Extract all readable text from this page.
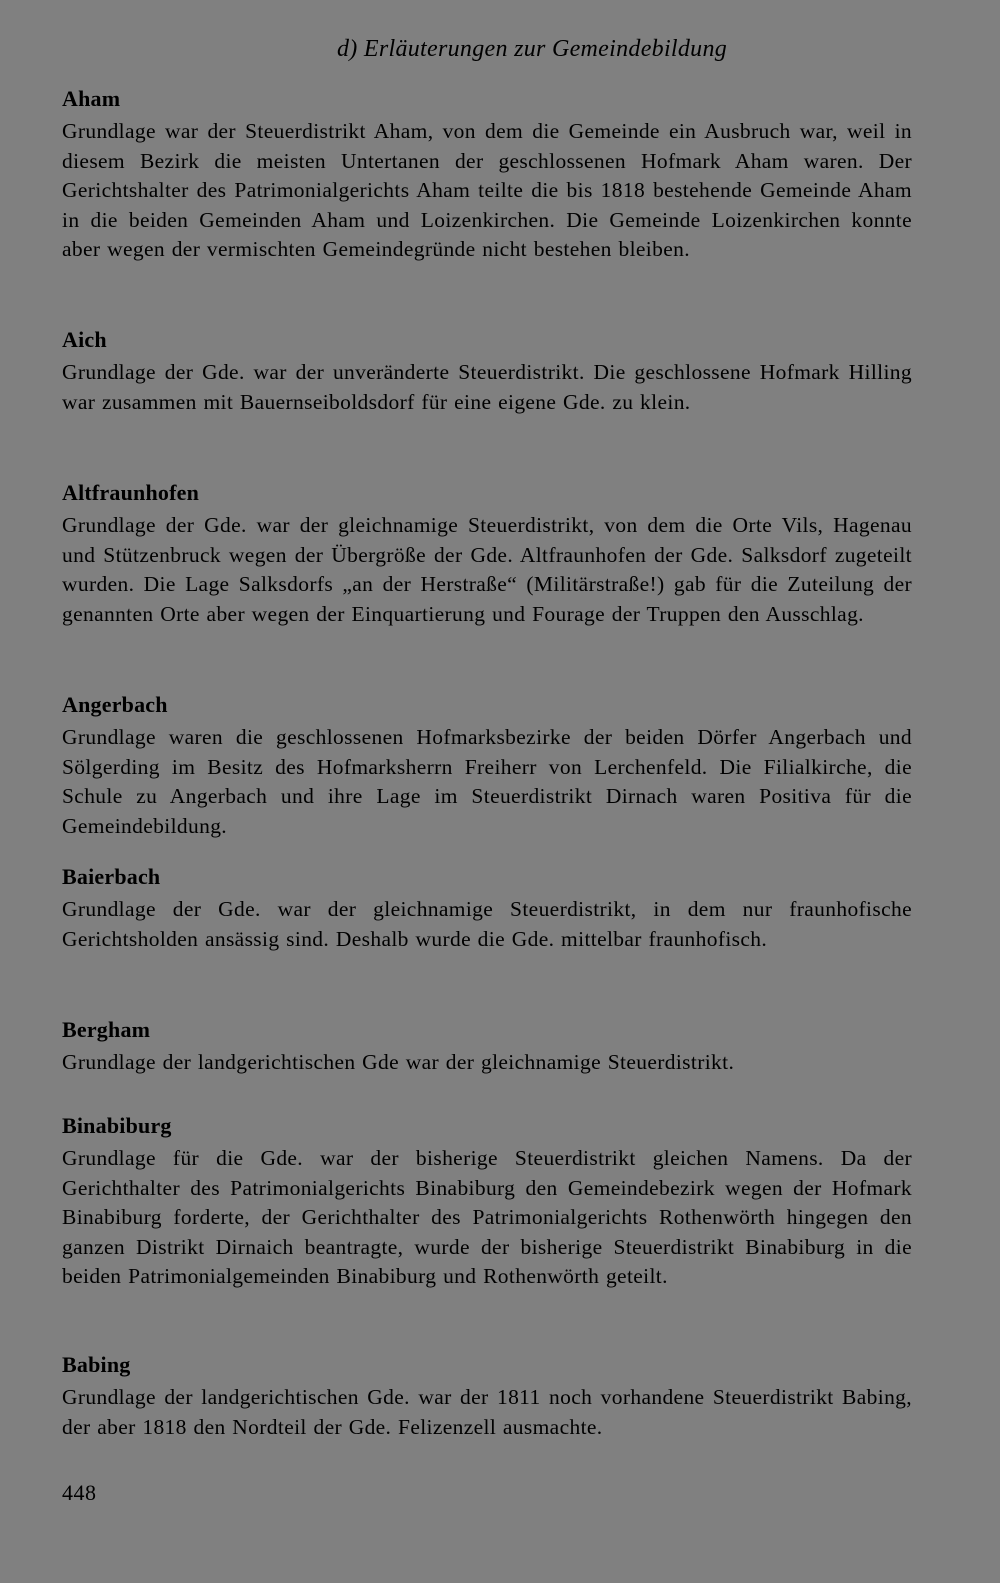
d) Erläuterungen zur Gemeindebildung
Aham

Grundlage war der Steuerdistrikt Aham, von dem die Gemeinde ein Ausbruch war, weil in diesem Bezirk die meisten Untertanen der geschlossenen Hofmark Aham waren. Der Gerichtshalter des Patrimonialgerichts Aham teilte die bis 1818 bestehende Gemeinde Aham in die beiden Gemeinden Aham und Loizenkirchen. Die Gemeinde Loizenkirchen konnte aber wegen der vermischten Gemeindegründe nicht bestehen bleiben.

Aich

Grundlage der Gde. war der unveränderte Steuerdistrikt. Die geschlossene Hofmark Hilling war zusammen mit Bauernseiboldsdorf für eine eigene Gde. zu klein.

Altfraunhofen

Grundlage der Gde. war der gleichnamige Steuerdistrikt, von dem die Orte Vils, Hagenau und Stützenbruck wegen der Übergröße der Gde. Altfraunhofen der Gde. Salksdorf zugeteilt wurden. Die Lage Salksdorfs „an der Herstraße“ (Militärstraße!) gab für die Zuteilung der genannten Orte aber wegen der Einquartierung und Fourage der Truppen den Ausschlag.

Angerbach

Grundlage waren die geschlossenen Hofmarksbezirke der beiden Dörfer Angerbach und Sölgerding im Besitz des Hofmarksherrn Freiherr von Lerchenfeld. Die Filialkirche, die Schule zu Angerbach und ihre Lage im Steuerdistrikt Dirnach waren Positiva für die Gemeindebildung.

Baierbach

Grundlage der Gde. war der gleichnamige Steuerdistrikt, in dem nur fraunhofische Gerichtsholden ansässig sind. Deshalb wurde die Gde. mittelbar fraunhofisch.

Bergham

Grundlage der landgerichtischen Gde war der gleichnamige Steuerdistrikt.

Binabiburg

Grundlage für die Gde. war der bisherige Steuerdistrikt gleichen Namens. Da der Gerichthalter des Patrimonialgerichts Binabiburg den Gemeindebezirk wegen der Hofmark Binabiburg forderte, der Gerichthalter des Patrimonialgerichts Rothenwörth hingegen den ganzen Distrikt Dirnaich beantragte, wurde der bisherige Steuerdistrikt Binabiburg in die beiden Patrimonialgemeinden Binabiburg und Rothenwörth geteilt.

Babing

Grundlage der landgerichtischen Gde. war der 1811 noch vorhandene Steuerdistrikt Babing, der aber 1818 den Nordteil der Gde. Felizenzell ausmachte.

448
